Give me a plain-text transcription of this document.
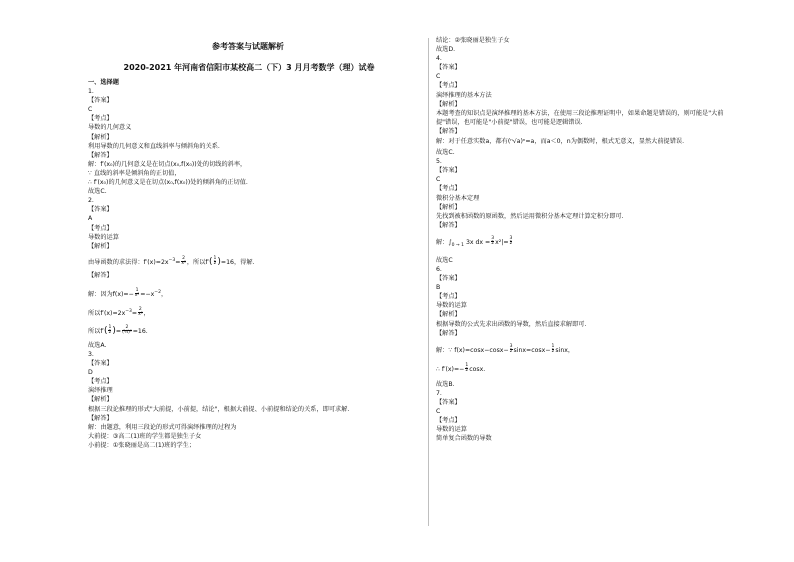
参考答案与试题解析
2020-2021 年河南省信阳市某校高二（下）3 月月考数学（理）试卷
一、选择题
1.
【答案】
C
【考点】
导数的几何意义
【解析】
利用导数的几何意义和直线斜率与倾斜角的关系.
【解答】
解：f′(x₀)的几何意义是在切点(x₀,f(x₀))处的切线的斜率，
∵ 直线的斜率是倾斜角的正切值，
∴ f′(x₀)的几何意义是在切点(x₀,f(x₀))处的倾斜角的正切值.
故选C.
2.
【答案】
A
【考点】
导数的运算
【解析】
由导函数的求法得：$f'(x)=2x^{-3}= \frac{2}{\text{x³}}$ ，所以$f'( \frac{1}{2} )=16$，得解.
【解答】
解：因为$f(x)=- \frac{1}{\text{x²}} =-x^{-2}$，
所以$f'(x)=2x^{-3}= \frac{2}{\text{x³}}$ ，
所以$f'( \frac{1}{2}$ )= $\frac{2}{\text{(½)³}} =16$.
故选A.
3.
【答案】
D
【考点】
演绎推理
【解析】
根据三段论推理的形式"大前提，小前提，结论"，根据大前提、小前提和结论的关系，即可求解.
【解答】
解：由题意，利用三段论的形式可得演绎推理的过程为
大前提：③高二(1)班的学生都是独生子女
小前提：①张晓丽是高二(1)班的学生；
结论：②张晓丽是独生子女
故选D.
4.
【答案】
C
【考点】
演绎推理的基本方法
【解析】
本题考查的知识点是演绎推理的基本方法，在使用三段论推理证明中，如果命题是错误的，则可能是"大前
提"错误，也可能是"小前提"错误，也可能是逻辑错误.
【解答】
解：对于任意实数a，都有(ⁿ√a)ⁿ=a，而a＜0，n为偶数时，根式无意义，显然大前提错误.
故选C.
5.
【答案】
C
【考点】
微积分基本定理
【解析】
先找到被积函数的原函数，然后运用微积分基本定理计算定积分即可.
【解答】
解：$\int_{0 \to 1}$ 3x dx = $\frac{3}{2} x^2|= \frac{3}{2}$
故选C
6.
【答案】
B
【考点】
导数的运算
【解析】
根据导数的公式先求出函数的导数，然后直接求解即可.
【解答】
解：∵ $f(x)=\cos x-\cos x- \frac{3}{2} \sin x=\cos x- \frac{1}{2}$ sinx，
∴ $f'(x)=- \frac{1}{2} \cos x$.
故选B.
7.
【答案】
C
【考点】
导数的运算
简单复合函数的导数
